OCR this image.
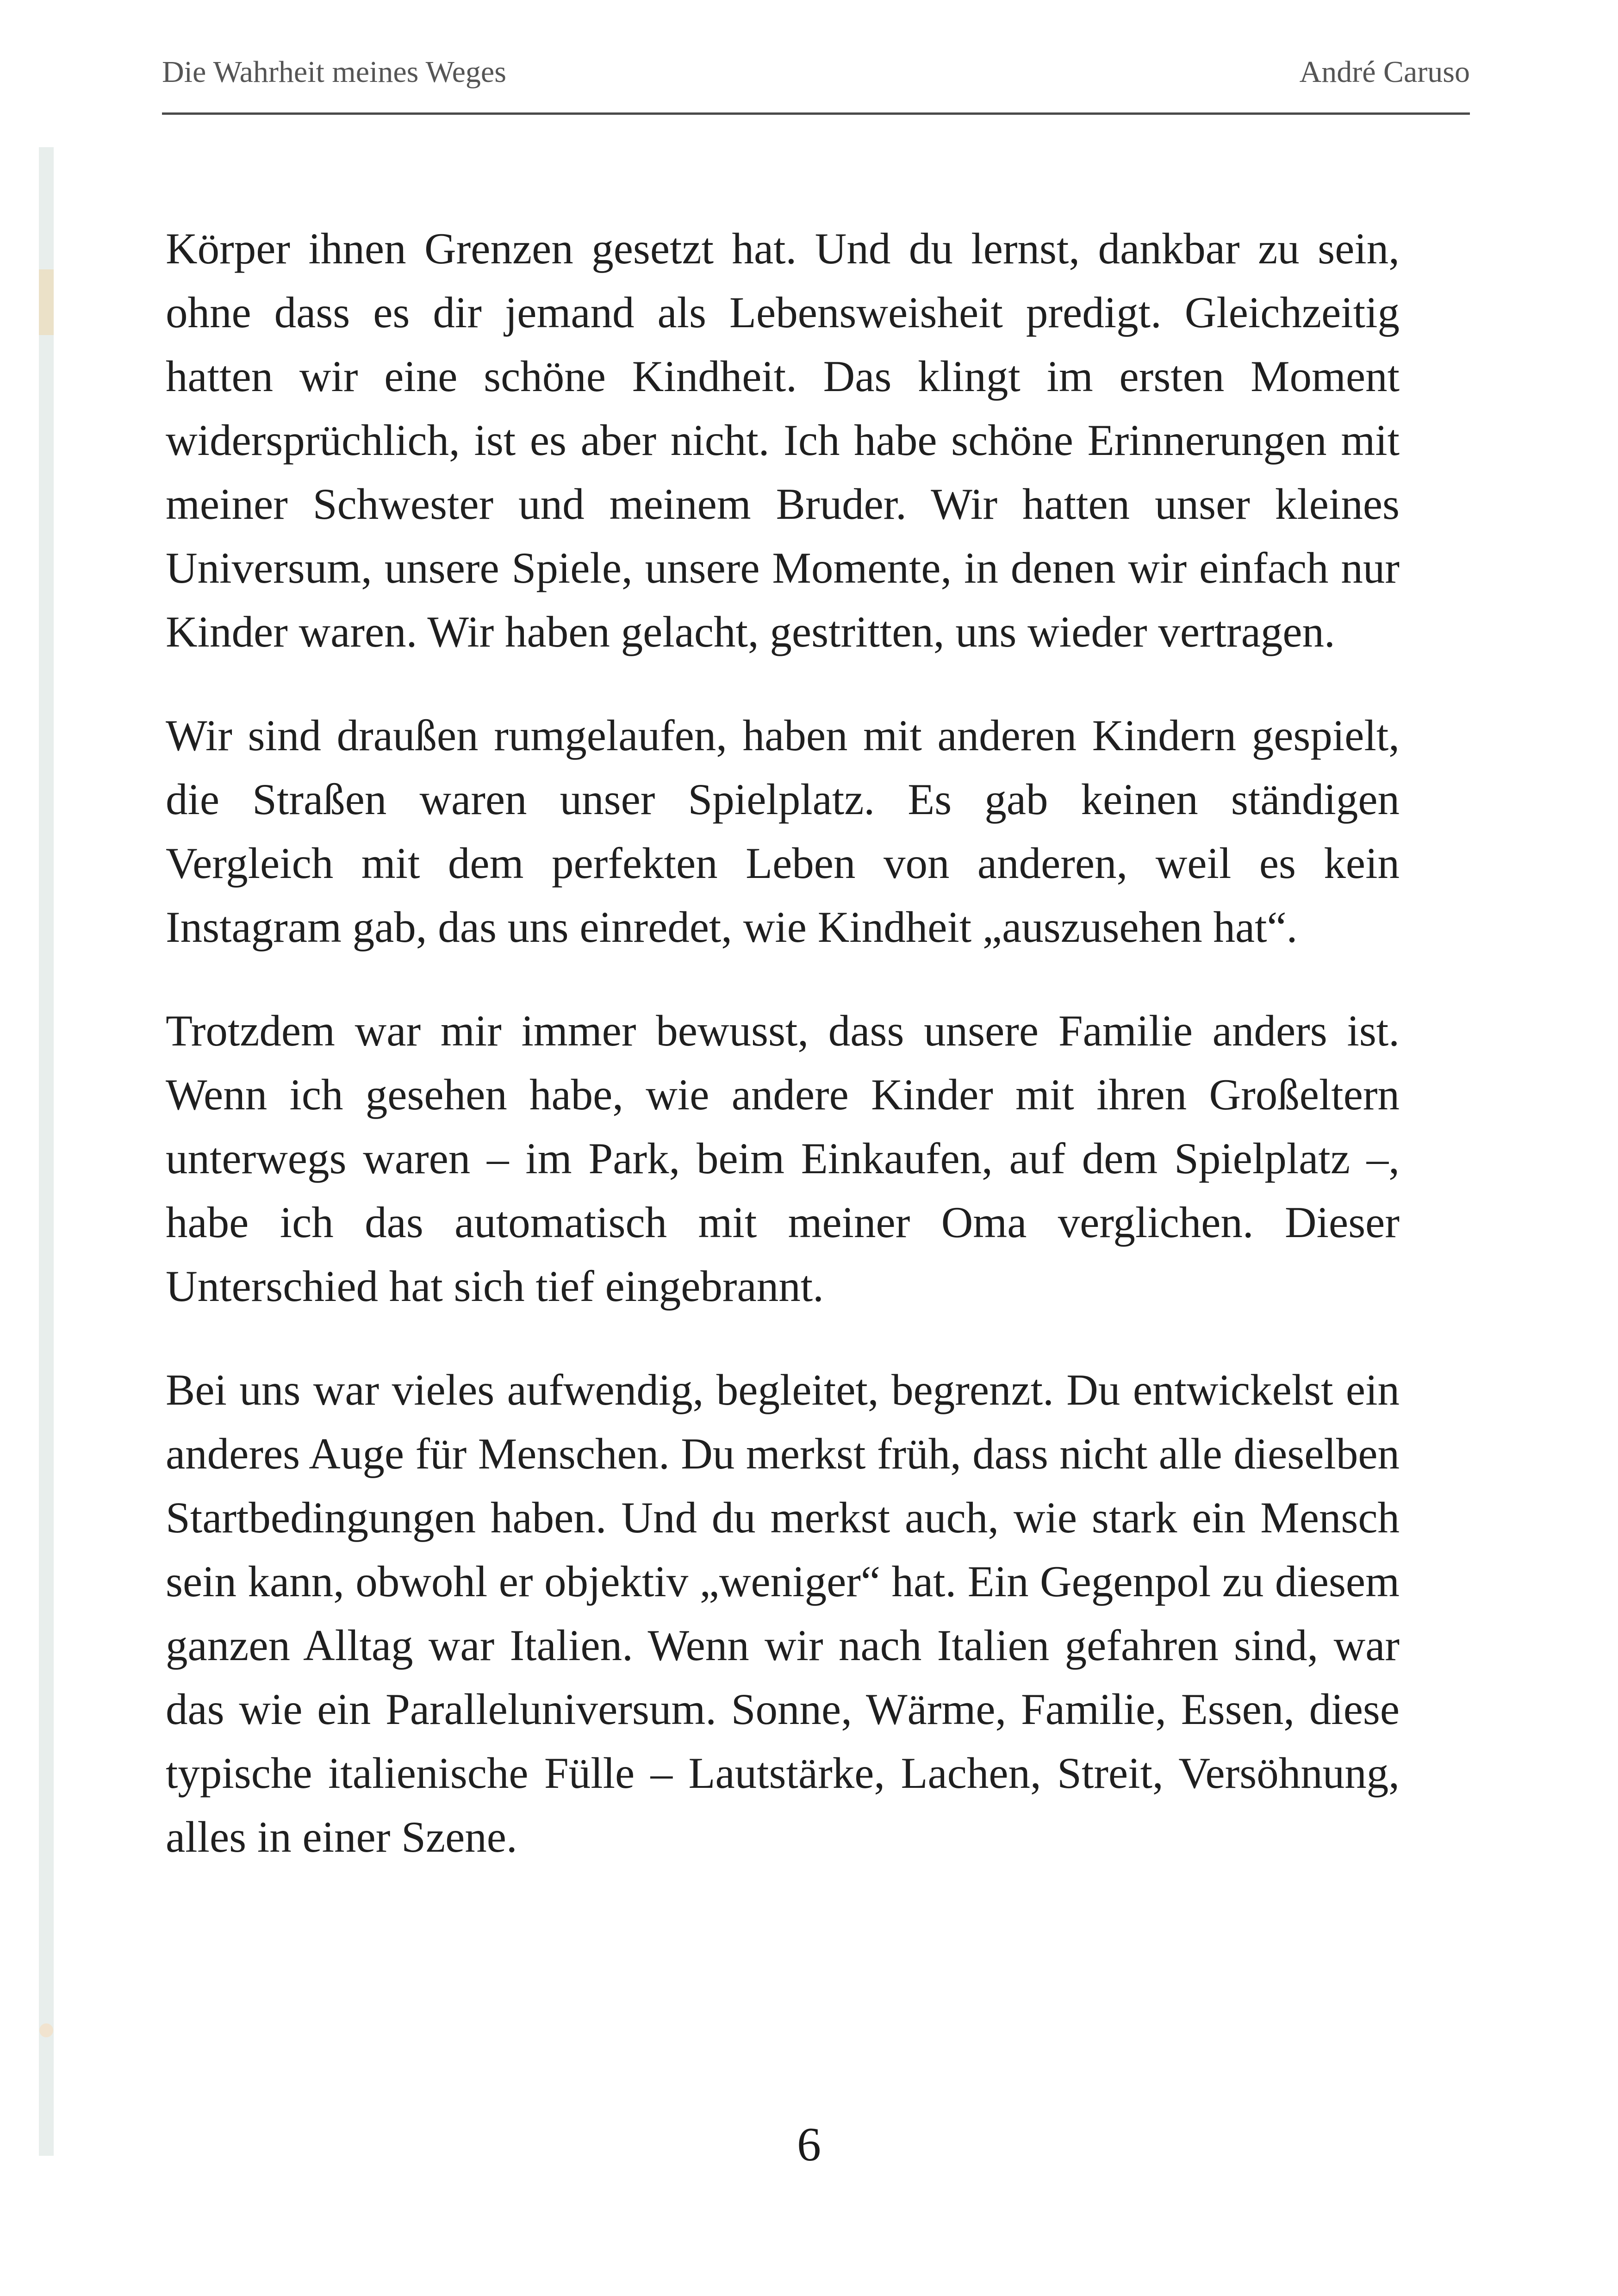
Die Wahrheit meines Weges	André Caruso

Körper ihnen Grenzen gesetzt hat. Und du lernst, dankbar zu sein, ohne dass es dir jemand als Lebensweisheit predigt. Gleichzeitig hatten wir eine schöne Kindheit. Das klingt im ersten Moment widersprüchlich, ist es aber nicht. Ich habe schöne Erinnerungen mit meiner Schwester und meinem Bruder. Wir hatten unser kleines Universum, unsere Spiele, unsere Momente, in denen wir einfach nur Kinder waren. Wir haben gelacht, gestritten, uns wieder vertragen.

Wir sind draußen rumgelaufen, haben mit anderen Kindern gespielt, die Straßen waren unser Spielplatz. Es gab keinen ständigen Vergleich mit dem perfekten Leben von anderen, weil es kein Instagram gab, das uns einredet, wie Kindheit „auszusehen hat“.

Trotzdem war mir immer bewusst, dass unsere Familie anders ist. Wenn ich gesehen habe, wie andere Kinder mit ihren Großeltern unterwegs waren – im Park, beim Einkaufen, auf dem Spielplatz –, habe ich das automatisch mit meiner Oma verglichen. Dieser Unterschied hat sich tief eingebrannt.

Bei uns war vieles aufwendig, begleitet, begrenzt. Du entwickelst ein anderes Auge für Menschen. Du merkst früh, dass nicht alle dieselben Startbedingungen haben. Und du merkst auch, wie stark ein Mensch sein kann, obwohl er objektiv „weniger“ hat. Ein Gegenpol zu diesem ganzen Alltag war Italien. Wenn wir nach Italien gefahren sind, war das wie ein Paralleluniversum. Sonne, Wärme, Familie, Essen, diese typische italienische Fülle – Lautstärke, Lachen, Streit, Versöhnung, alles in einer Szene.

6
